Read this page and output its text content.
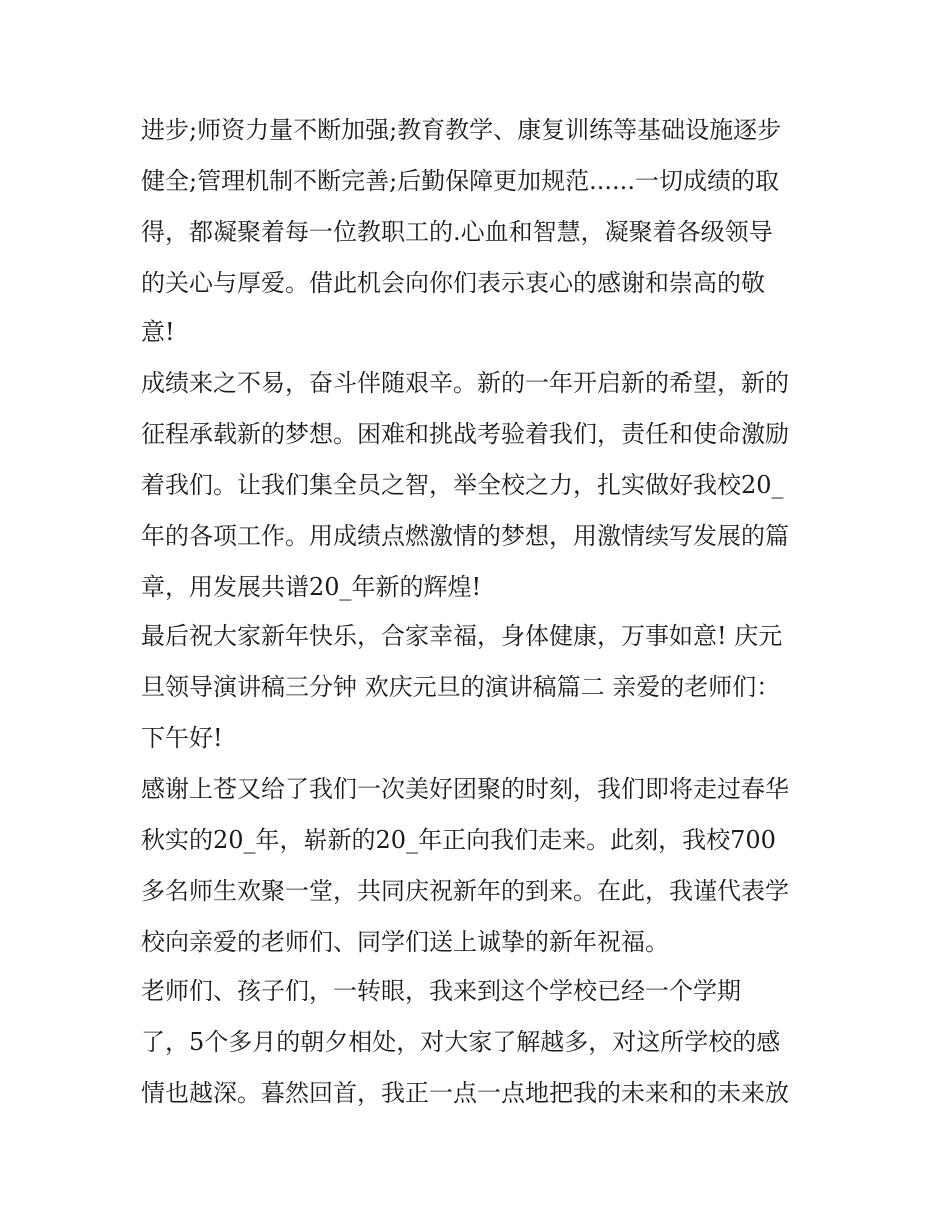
进步;师资力量不断加强;教育教学、康复训练等基础设施逐步
健全;管理机制不断完善;后勤保障更加规范......一切成绩的取
得，都凝聚着每一位教职工的.心血和智慧，凝聚着各级领导
的关心与厚爱。借此机会向你们表示衷心的感谢和崇高的敬
意!
成绩来之不易，奋斗伴随艰辛。新的一年开启新的希望，新的
征程承载新的梦想。困难和挑战考验着我们，责任和使命激励
着我们。让我们集全员之智，举全校之力，扎实做好我校20_
年的各项工作。用成绩点燃激情的梦想，用激情续写发展的篇
章，用发展共谱20_年新的辉煌!
最后祝大家新年快乐，合家幸福，身体健康，万事如意! 庆元
旦领导演讲稿三分钟 欢庆元旦的演讲稿篇二 亲爱的老师们：
下午好!
感谢上苍又给了我们一次美好团聚的时刻，我们即将走过春华
秋实的20_年，崭新的20_年正向我们走来。此刻，我校700
多名师生欢聚一堂，共同庆祝新年的到来。在此，我谨代表学
校向亲爱的老师们、同学们送上诚挚的新年祝福。
老师们、孩子们，一转眼，我来到这个学校已经一个学期
了，5个多月的朝夕相处，对大家了解越多，对这所学校的感
情也越深。暮然回首，我正一点一点地把我的未来和的未来放
